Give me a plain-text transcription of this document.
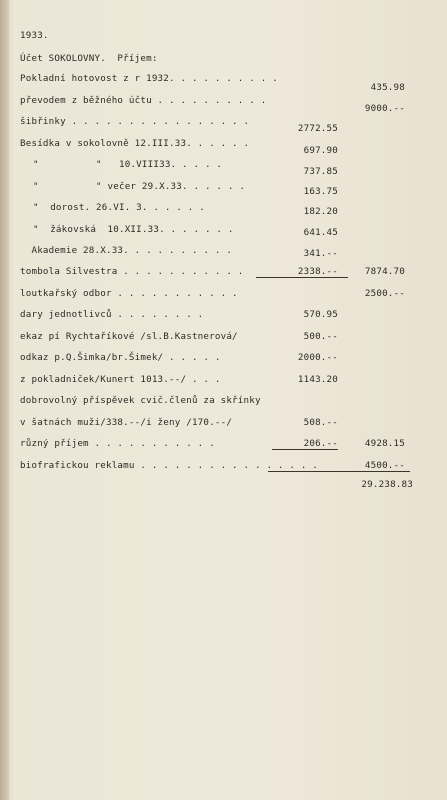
1933.
Účet SOKOLOVNY.  Příjem:
Pokladní hotovost z r 1932. . . . . . . . . .
převodem z běžného účtu . . . . . . . . . .
šibřinky . . . . . . . . . . . . . . . .
Besídka v sokolovně 12.III.33. . . . . .
"          "   10.VIII33. . . . .
"          " večer 29.X.33. . . . . .
"  dorost. 26.VI. 3. . . . . .
"  žákovská  10.XII.33. . . . . . .
Akademie 28.X.33. . . . . . . . . .
tombola Silvestra . . . . . . . . . . .
loutkařský odbor . . . . . . . . . . .
dary jednotlivců . . . . . . . .
ekaz pí Rychtaříkové /sl.B.Kastnerová/
odkaz p.Q.Šimka/br.Šimek/ . . . . .
z pokladniček/Kunert 1013.--/ . . .
dobrovolný příspěvek cvič.členů za skřínky
v šatnách muži/338.--/i ženy /170.--/
různý příjem . . . . . . . . . . .
biofrafickou reklamu . . . . . . . . . . . . . . . .
2772.55
697.90
737.85
163.75
182.20
641.45
341.--
2338.--
570.95
500.--
2000.--
1143.20
508.--
206.--
435.98
9000.--
7874.70
2500.--
4928.15
4500.--
29.238.83
